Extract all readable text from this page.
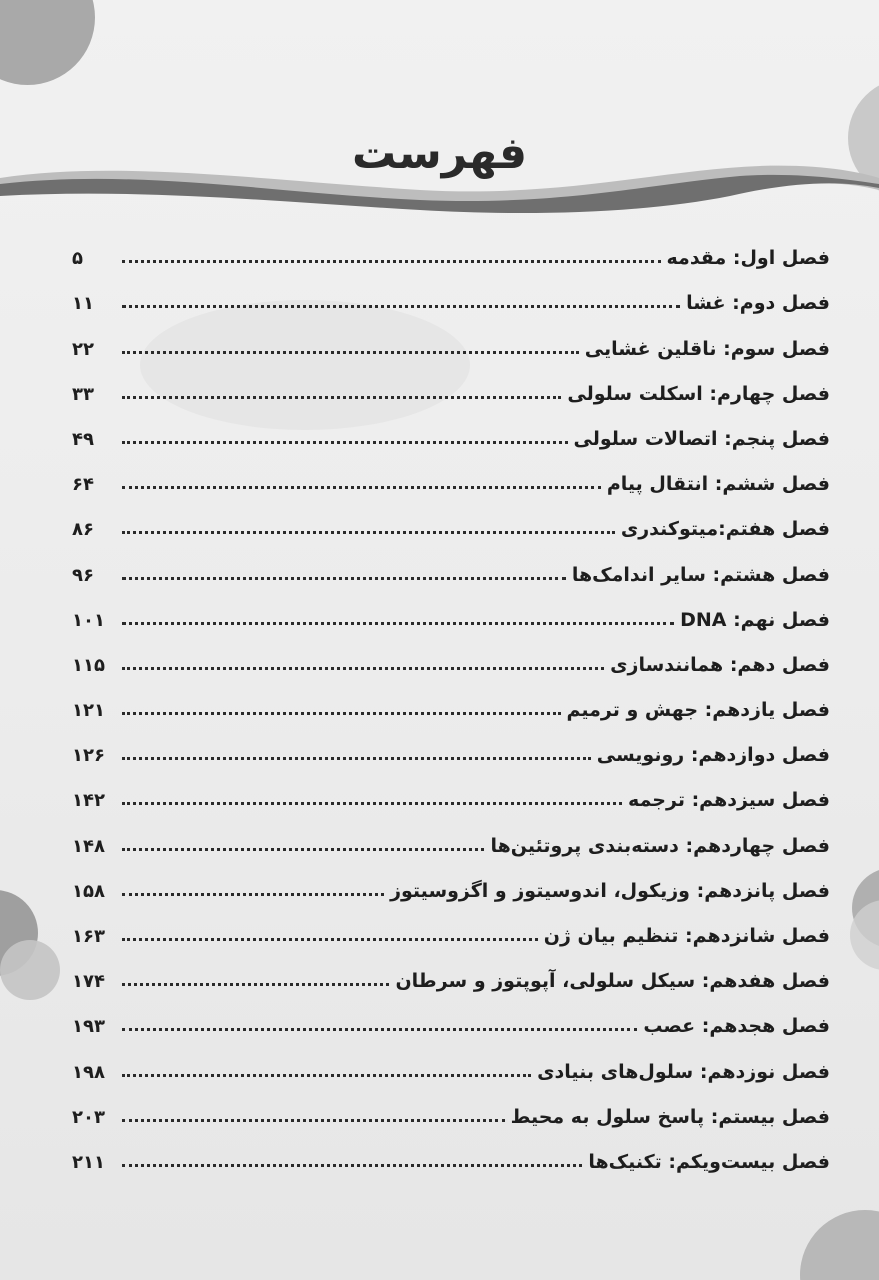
فهرست
فصل اول: مقدمه
۵
فصل دوم: غشا
۱۱
فصل سوم: ناقلین غشایی
۲۲
فصل چهارم: اسکلت سلولی
۳۳
فصل پنجم: اتصالات سلولی
۴۹
فصل ششم: انتقال پیام
۶۴
فصل هفتم:میتوکندری
۸۶
فصل هشتم: سایر اندامک‌ها
۹۶
فصل نهم: DNA
۱۰۱
فصل دهم: همانندسازی
۱۱۵
فصل یازدهم: جهش و ترمیم
۱۲۱
فصل دوازدهم: رونویسی
۱۲۶
فصل سیزدهم: ترجمه
۱۴۲
فصل چهاردهم: دسته‌بندی پروتئین‌ها
۱۴۸
فصل پانزدهم: وزیکول، اندوسیتوز و اگزوسیتوز
۱۵۸
فصل شانزدهم: تنظیم بیان ژن
۱۶۳
فصل هفدهم: سیکل سلولی، آپوپتوز و سرطان
۱۷۴
فصل هجدهم: عصب
۱۹۳
فصل نوزدهم: سلول‌های بنیادی
۱۹۸
فصل بیستم: پاسخ سلول به محیط
۲۰۳
فصل بیست‌ویکم: تکنیک‌ها
۲۱۱
